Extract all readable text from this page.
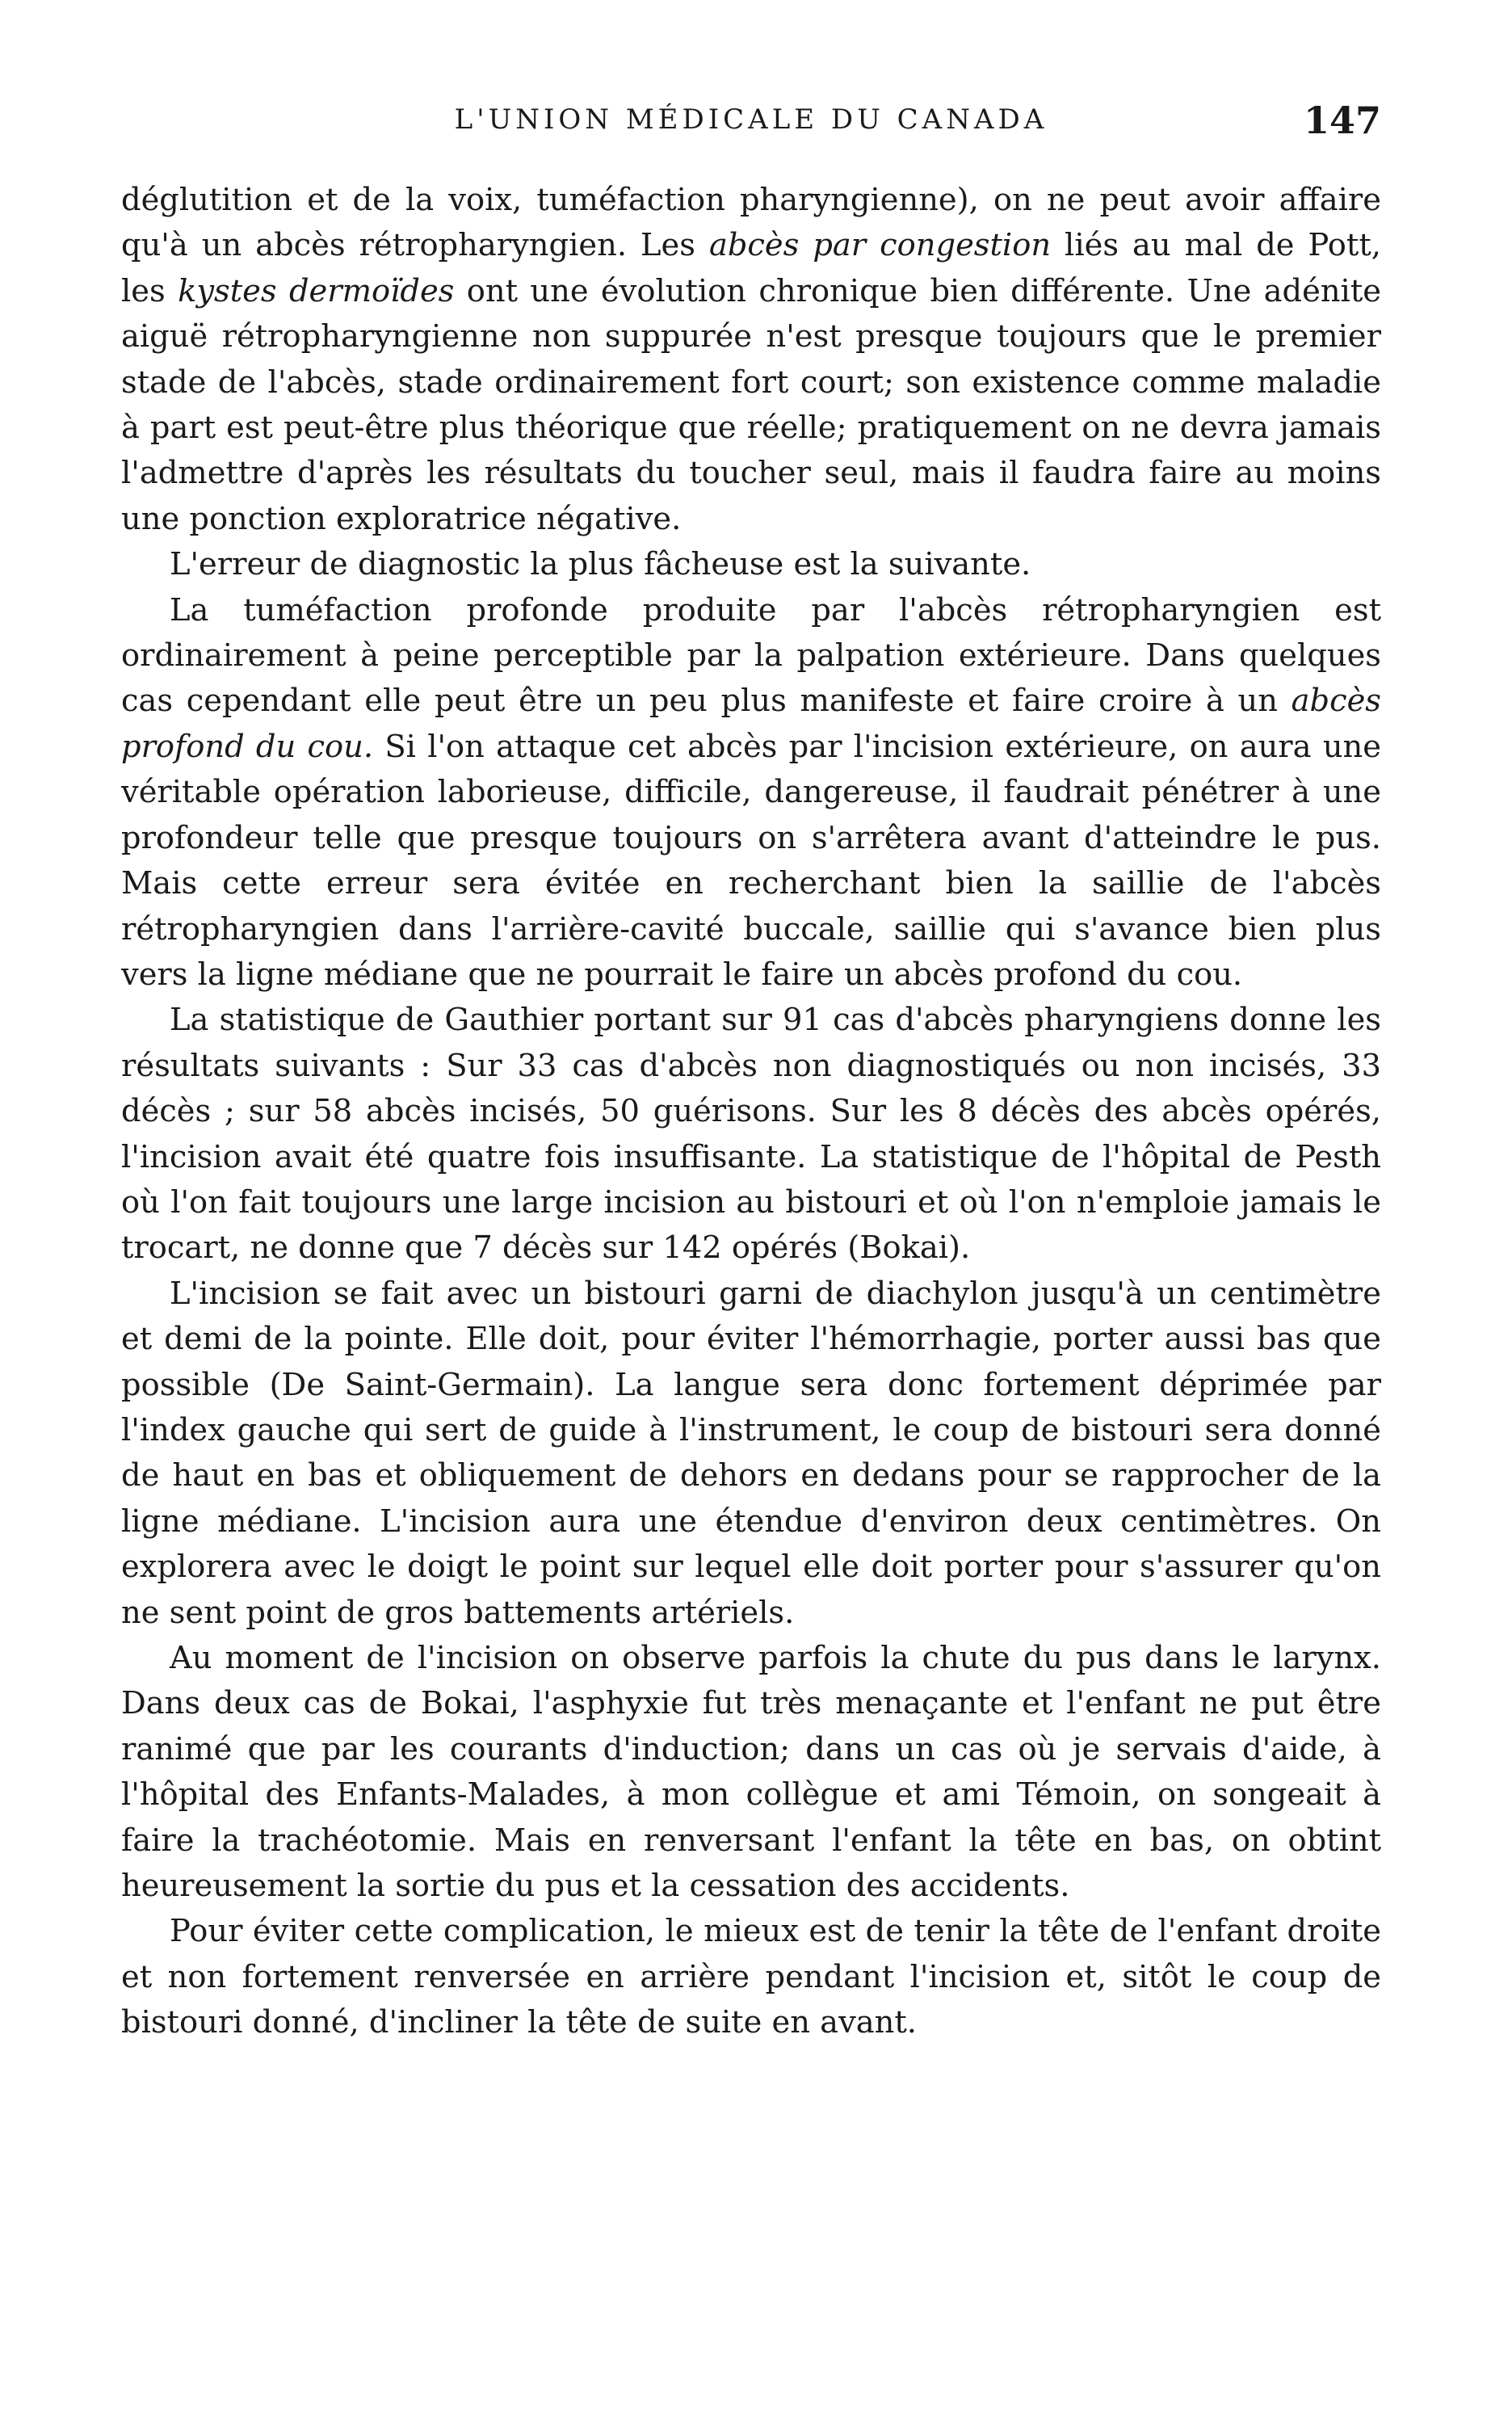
L'UNION MÉDICALE DU CANADA	147

déglutition et de la voix, tuméfaction pharyngienne), on ne peut avoir affaire qu'à un abcès rétropharyngien. Les abcès par congestion liés au mal de Pott, les kystes dermoïdes ont une évolution chronique bien différente. Une adénite aiguë rétropharyngienne non suppurée n'est presque toujours que le premier stade de l'abcès, stade ordinairement fort court; son existence comme maladie à part est peut-être plus théorique que réelle; pratiquement on ne devra jamais l'admettre d'après les résultats du toucher seul, mais il faudra faire au moins une ponction exploratrice négative.

L'erreur de diagnostic la plus fâcheuse est la suivante.

La tuméfaction profonde produite par l'abcès rétropharyngien est ordinairement à peine perceptible par la palpation extérieure. Dans quelques cas cependant elle peut être un peu plus manifeste et faire croire à un abcès profond du cou. Si l'on attaque cet abcès par l'incision extérieure, on aura une véritable opération laborieuse, difficile, dangereuse, il faudrait pénétrer à une profondeur telle que presque toujours on s'arrêtera avant d'atteindre le pus. Mais cette erreur sera évitée en recherchant bien la saillie de l'abcès rétropharyngien dans l'arrière-cavité buccale, saillie qui s'avance bien plus vers la ligne médiane que ne pourrait le faire un abcès profond du cou.

La statistique de Gauthier portant sur 91 cas d'abcès pharyngiens donne les résultats suivants : Sur 33 cas d'abcès non diagnostiqués ou non incisés, 33 décès ; sur 58 abcès incisés, 50 guérisons. Sur les 8 décès des abcès opérés, l'incision avait été quatre fois insuffisante. La statistique de l'hôpital de Pesth où l'on fait toujours une large incision au bistouri et où l'on n'emploie jamais le trocart, ne donne que 7 décès sur 142 opérés (Bokai).

L'incision se fait avec un bistouri garni de diachylon jusqu'à un centimètre et demi de la pointe. Elle doit, pour éviter l'hémorrhagie, porter aussi bas que possible (De Saint-Germain). La langue sera donc fortement déprimée par l'index gauche qui sert de guide à l'instrument, le coup de bistouri sera donné de haut en bas et obliquement de dehors en dedans pour se rapprocher de la ligne médiane. L'incision aura une étendue d'environ deux centimètres. On explorera avec le doigt le point sur lequel elle doit porter pour s'assurer qu'on ne sent point de gros battements artériels.

Au moment de l'incision on observe parfois la chute du pus dans le larynx. Dans deux cas de Bokai, l'asphyxie fut très menaçante et l'enfant ne put être ranimé que par les courants d'induction; dans un cas où je servais d'aide, à l'hôpital des Enfants-Malades, à mon collègue et ami Témoin, on songeait à faire la trachéotomie. Mais en renversant l'enfant la tête en bas, on obtint heureusement la sortie du pus et la cessation des accidents.

Pour éviter cette complication, le mieux est de tenir la tête de l'enfant droite et non fortement renversée en arrière pendant l'incision et, sitôt le coup de bistouri donné, d'incliner la tête de suite en avant.
